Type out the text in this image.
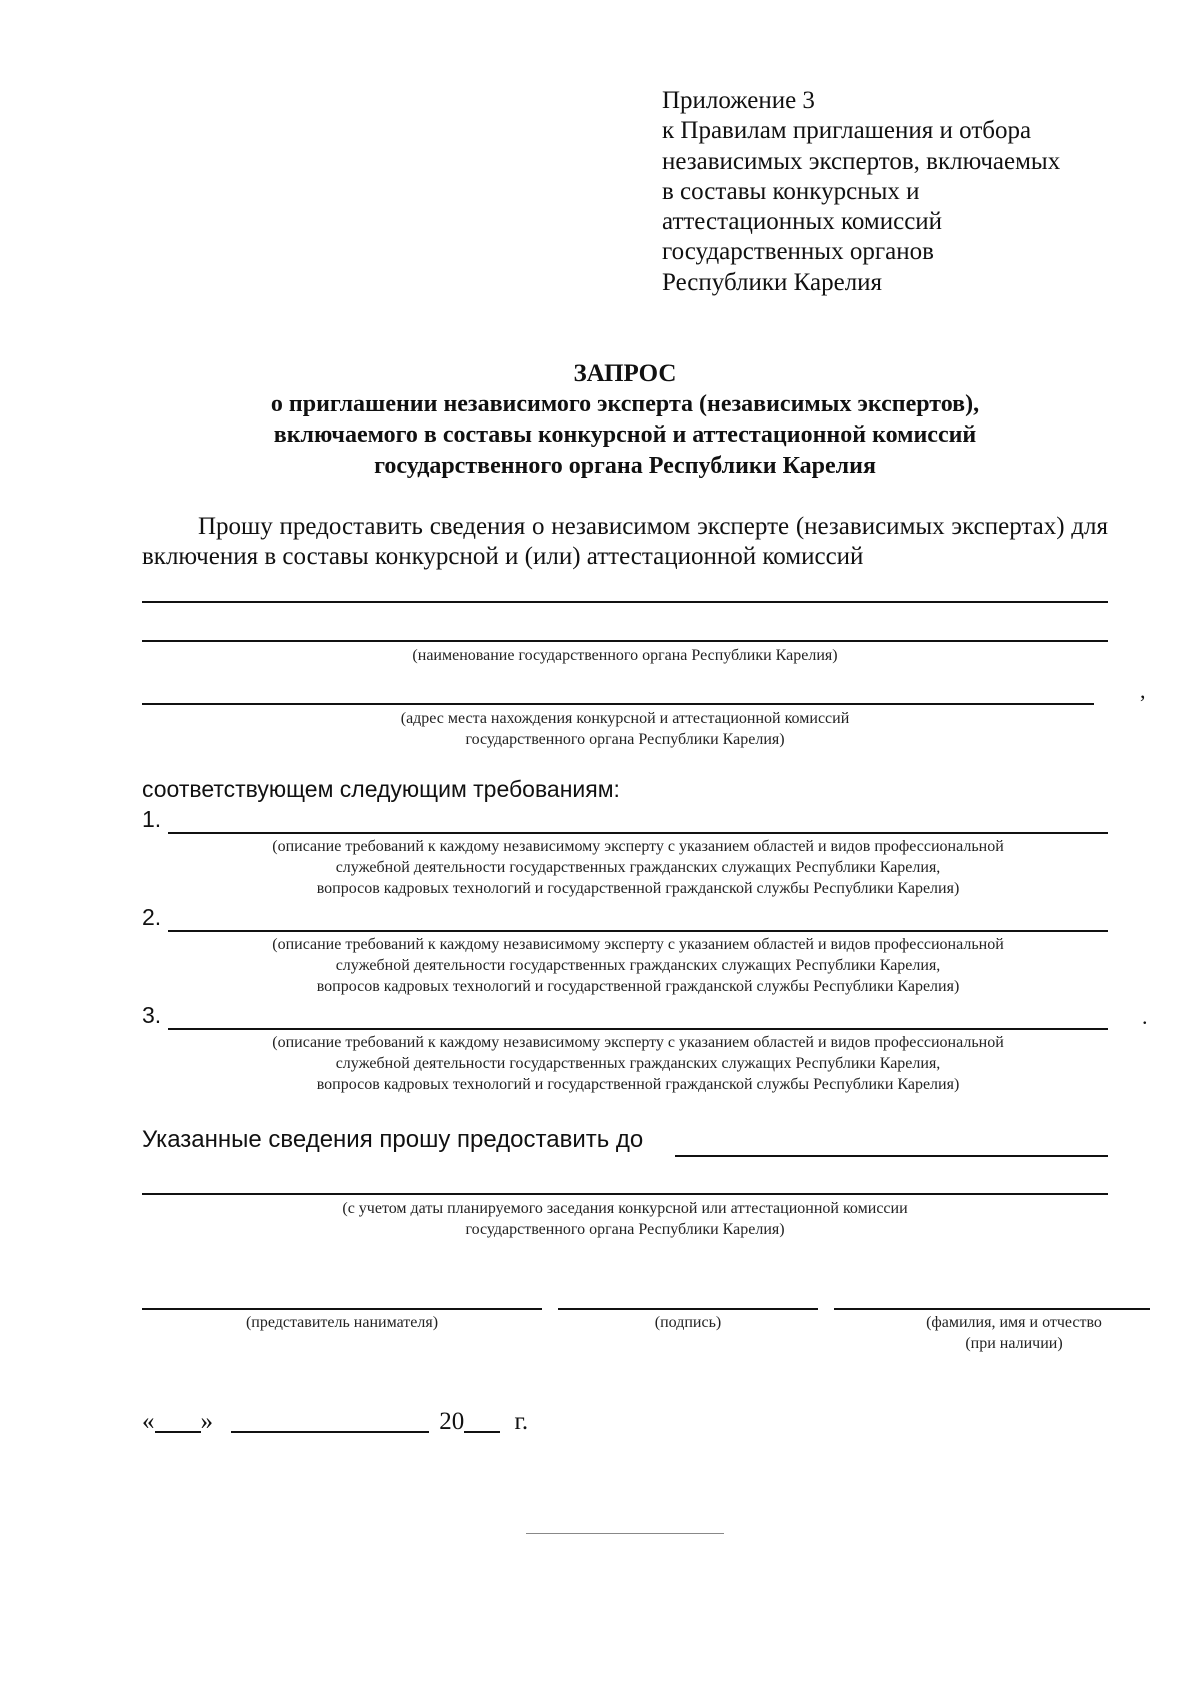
Приложение 3
к Правилам приглашения и отбора
независимых экспертов, включаемых
в составы конкурсных и
аттестационных комиссий
государственных органов
Республики Карелия
ЗАПРОС
о приглашении независимого эксперта (независимых экспертов),
включаемого в составы конкурсной и аттестационной комиссий
государственного органа Республики Карелия
Прошу предоставить сведения о независимом эксперте (независимых экспертах) для включения в составы конкурсной и (или) аттестационной комиссий
(наименование государственного органа Республики Карелия)
,
(адрес места нахождения конкурсной и аттестационной комиссий
государственного органа Республики Карелия)
соответствующем следующим требованиям:
1.
(описание требований к каждому независимому эксперту с указанием областей и видов профессиональной
служебной деятельности государственных гражданских служащих Республики Карелия,
вопросов кадровых технологий и государственной гражданской службы Республики Карелия)
2.
(описание требований к каждому независимому эксперту с указанием областей и видов профессиональной
служебной деятельности государственных гражданских служащих Республики Карелия,
вопросов кадровых технологий и государственной гражданской службы Республики Карелия)
3.	.
(описание требований к каждому независимому эксперту с указанием областей и видов профессиональной
служебной деятельности государственных гражданских служащих Республики Карелия,
вопросов кадровых технологий и государственной гражданской службы Республики Карелия)
Указанные сведения прошу предоставить до
(с учетом даты планируемого заседания конкурсной или аттестационной комиссии
государственного органа Республики Карелия)
(представитель нанимателя)	(подпись)	(фамилия, имя и отчество
(при наличии)
« »	20 г.
